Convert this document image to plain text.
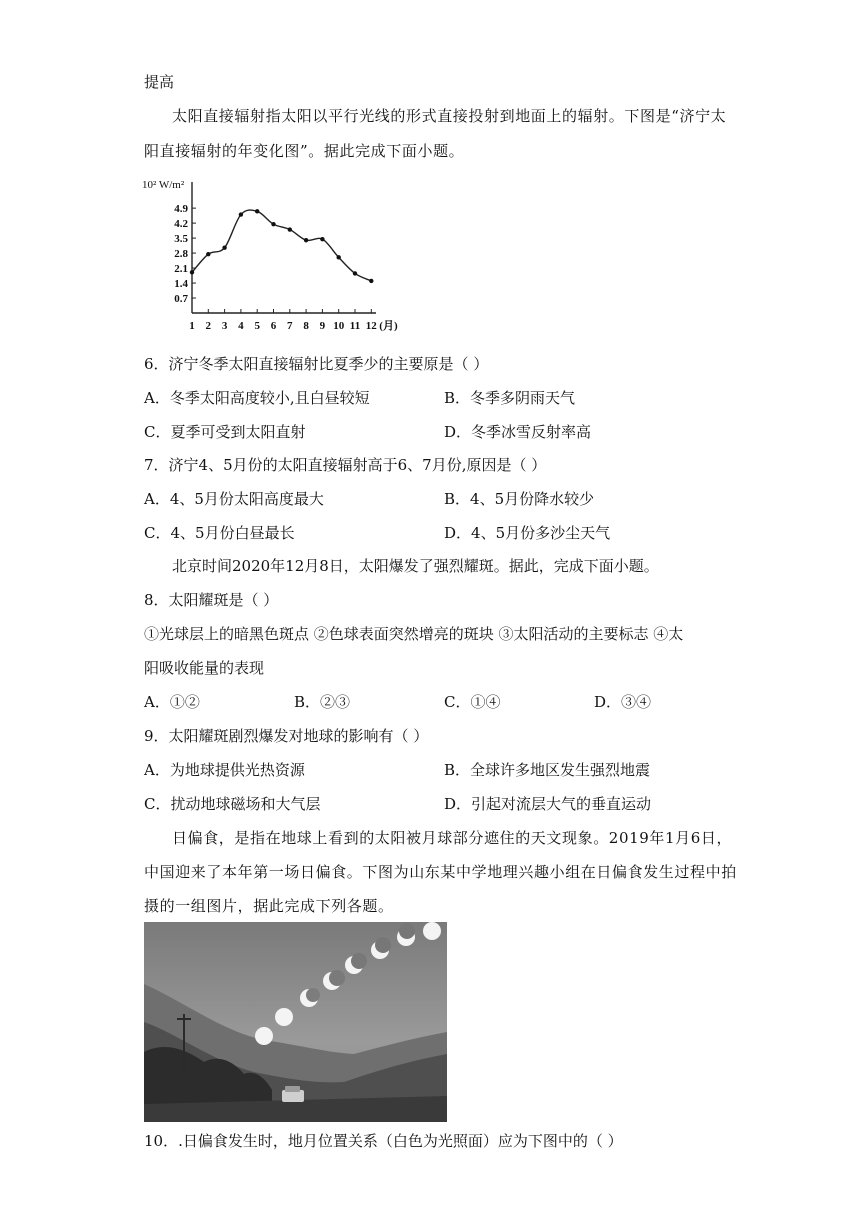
提高
太阳直接辐射指太阳以平行光线的形式直接投射到地面上的辐射。下图是“济宁太
阳直接辐射的年变化图”。据此完成下面小题。
10² W/m²
0.7
1.4
2.1
2.8
3.5
4.2
4.9
1 2 3 4 5 6 7 8 9 10 11 12 (月)
6．济宁冬季太阳直接辐射比夏季少的主要原是（ ）
A．冬季太阳高度较小,且白昼较短	B．冬季多阴雨天气
C．夏季可受到太阳直射	D．冬季冰雪反射率高
7．济宁4、5月份的太阳直接辐射高于6、7月份,原因是（ ）
A．4、5月份太阳高度最大	B．4、5月份降水较少
C．4、5月份白昼最长	D．4、5月份多沙尘天气
北京时间2020年12月8日，太阳爆发了强烈耀斑。据此，完成下面小题。
8．太阳耀斑是（ ）
①光球层上的暗黑色斑点 ②色球表面突然增亮的斑块 ③太阳活动的主要标志 ④太
阳吸收能量的表现
A．①②	B．②③	C．①④	D．③④
9．太阳耀斑剧烈爆发对地球的影响有（ ）
A．为地球提供光热资源	B．全球许多地区发生强烈地震
C．扰动地球磁场和大气层	D．引起对流层大气的垂直运动
日偏食，是指在地球上看到的太阳被月球部分遮住的天文现象。2019年1月6日，
中国迎来了本年第一场日偏食。下图为山东某中学地理兴趣小组在日偏食发生过程中拍
摄的一组图片，据此完成下列各题。
10．.日偏食发生时，地月位置关系（白色为光照面）应为下图中的（ ）
